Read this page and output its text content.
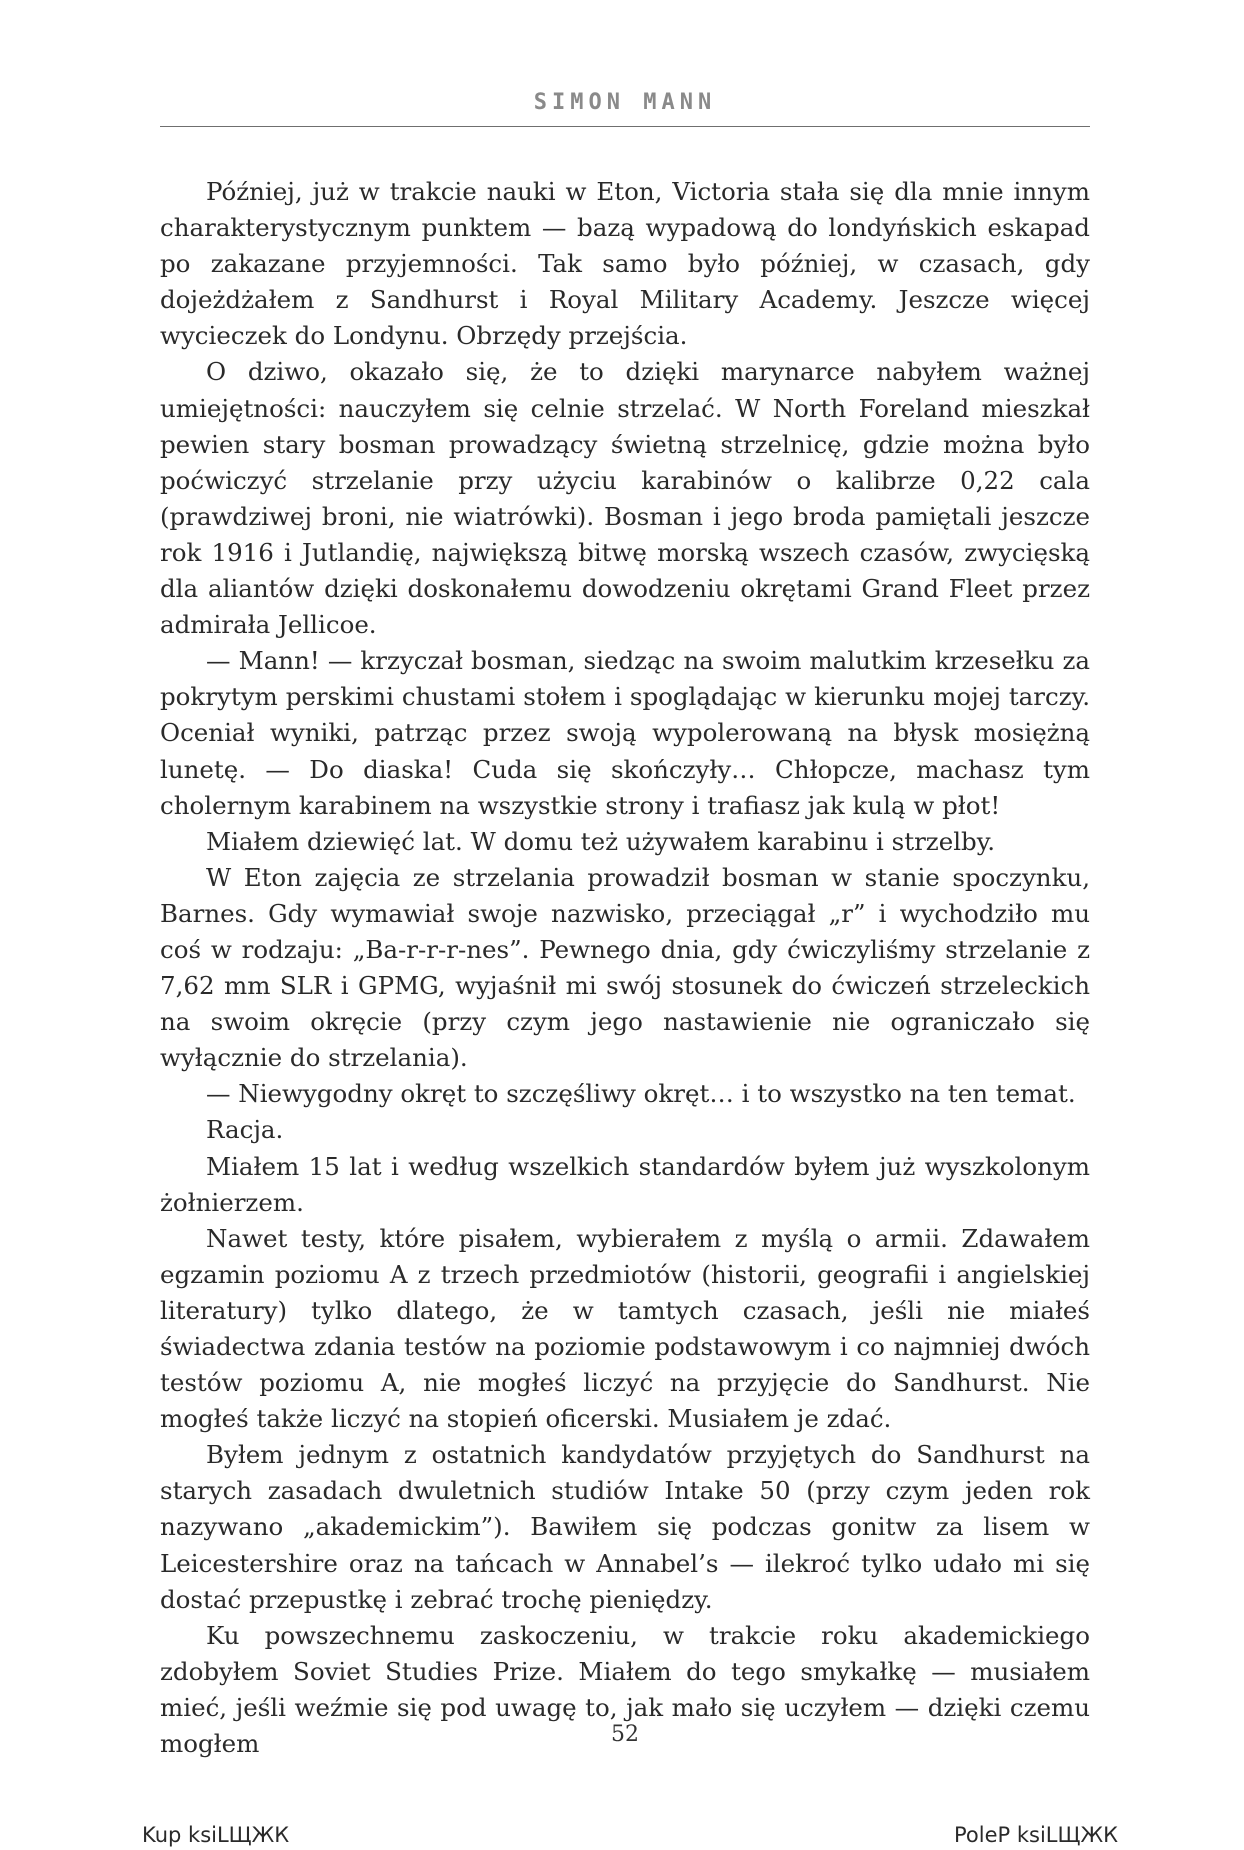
SIMON MANN

Później, już w trakcie nauki w Eton, Victoria stała się dla mnie innym charakterystycznym punktem — bazą wypadową do londyńskich eskapad po zakazane przyjemności. Tak samo było później, w czasach, gdy dojeżdżałem z Sandhurst i Royal Military Academy. Jeszcze więcej wycieczek do Londynu. Obrzędy przejścia.

O dziwo, okazało się, że to dzięki marynarce nabyłem ważnej umiejętności: nauczyłem się celnie strzelać. W North Foreland mieszkał pewien stary bosman prowadzący świetną strzelnicę, gdzie można było poćwiczyć strzelanie przy użyciu karabinów o kalibrze 0,22 cala (prawdziwej broni, nie wiatrówki). Bosman i jego broda pamiętali jeszcze rok 1916 i Jutlandię, największą bitwę morską wszech czasów, zwycięską dla aliantów dzięki doskonałemu dowodzeniu okrętami Grand Fleet przez admirała Jellicoe.

— Mann! — krzyczał bosman, siedząc na swoim malutkim krzesełku za pokrytym perskimi chustami stołem i spoglądając w kierunku mojej tarczy. Oceniał wyniki, patrząc przez swoją wypolerowaną na błysk mosiężną lunetę. — Do diaska! Cuda się skończyły… Chłopcze, machasz tym cholernym karabinem na wszystkie strony i trafiasz jak kulą w płot!

Miałem dziewięć lat. W domu też używałem karabinu i strzelby.

W Eton zajęcia ze strzelania prowadził bosman w stanie spoczynku, Barnes. Gdy wymawiał swoje nazwisko, przeciągał „r” i wychodziło mu coś w rodzaju: „Ba-r-r-r-nes”. Pewnego dnia, gdy ćwiczyliśmy strzelanie z 7,62 mm SLR i GPMG, wyjaśnił mi swój stosunek do ćwiczeń strzeleckich na swoim okręcie (przy czym jego nastawienie nie ograniczało się wyłącznie do strzelania).

— Niewygodny okręt to szczęśliwy okręt… i to wszystko na ten temat.

Racja.

Miałem 15 lat i według wszelkich standardów byłem już wyszkolonym żołnierzem.

Nawet testy, które pisałem, wybierałem z myślą o armii. Zdawałem egzamin poziomu A z trzech przedmiotów (historii, geografii i angielskiej literatury) tylko dlatego, że w tamtych czasach, jeśli nie miałeś świadectwa zdania testów na poziomie podstawowym i co najmniej dwóch testów poziomu A, nie mogłeś liczyć na przyjęcie do Sandhurst. Nie mogłeś także liczyć na stopień oficerski. Musiałem je zdać.

Byłem jednym z ostatnich kandydatów przyjętych do Sandhurst na starych zasadach dwuletnich studiów Intake 50 (przy czym jeden rok nazywano „akademickim”). Bawiłem się podczas gonitw za lisem w Leicestershire oraz na tańcach w Annabel’s — ilekroć tylko udało mi się dostać przepustkę i zebrać trochę pieniędzy.

Ku powszechnemu zaskoczeniu, w trakcie roku akademickiego zdobyłem Soviet Studies Prize. Miałem do tego smykałkę — musiałem mieć, jeśli weźmie się pod uwagę to, jak mało się uczyłem — dzięki czemu mogłem	52
Kup ksiLЩЖК	PoleP ksiLЩЖК
